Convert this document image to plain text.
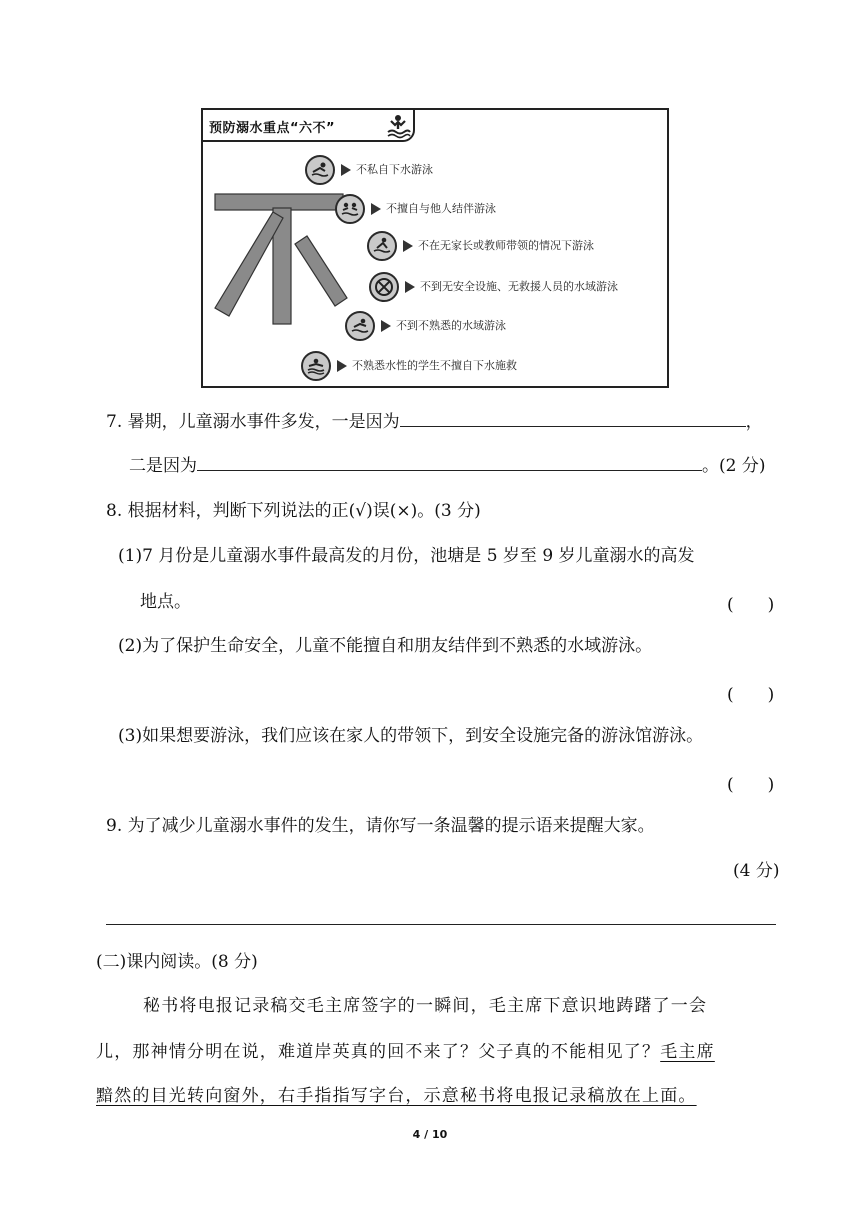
预防溺水重点“六不”
不私自下水游泳
不擅自与他人结伴游泳
不在无家长或教师带领的情况下游泳
不到无安全设施、无救援人员的水域游泳
不到不熟悉的水域游泳
不熟悉水性的学生不擅自下水施救
7. 暑期，儿童溺水事件多发，一是因为	，
二是因为	。(2 分)
8. 根据材料，判断下列说法的正(√)误(×)。(3 分)
(1)7 月份是儿童溺水事件最高发的月份，池塘是 5 岁至 9 岁儿童溺水的高发
地点。	(　　)
(2)为了保护生命安全，儿童不能擅自和朋友结伴到不熟悉的水域游泳。
(　　)
(3)如果想要游泳，我们应该在家人的带领下，到安全设施完备的游泳馆游泳。
(　　)
9. 为了减少儿童溺水事件的发生，请你写一条温馨的提示语来提醒大家。
(4 分)
(二)课内阅读。(8 分)
秘书将电报记录稿交毛主席签字的一瞬间，毛主席下意识地踌躇了一会
儿，那神情分明在说，难道岸英真的回不来了？父子真的不能相见了？毛主席
黯然的目光转向窗外，右手指指写字台，示意秘书将电报记录稿放在上面。
4 / 10
